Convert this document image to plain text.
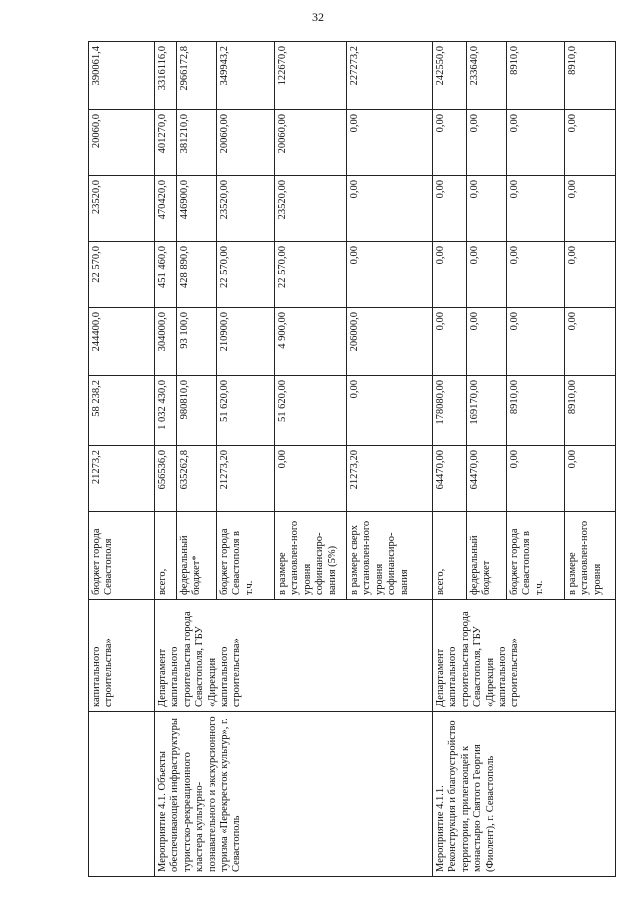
32
	капитального строительства»	бюджет города Севастополя	21273,2	58 238,2	244400,0	22 570,0	23520,0	20060,0	390061,4
Мероприятие 4.1. Объекты обеспечивающей инфраструктуры туристско-рекреационного кластера культурно-познавательного и экскурсионного туризма «Перекресток культур», г. Севастополь	Департамент капитального строительства города Севастополя, ГБУ «Дирекция капитального строительства»	всего,	656536,0	1 032 430,0	304000,0	451 460,0	470420,0	401270,0	3316116,0
		федеральный бюджет*	635262,8	980810,0	93 100,0	428 890,0	446900,0	381210,0	2966172,8
		бюджет города Севастополя в т.ч.	21273,20	51 620,00	210900,0	22 570,00	23520,00	20060,00	349943,2
		в размере установлен-ного уровня софинансиро-вания (5%)	0,00	51 620,00	4 900,00	22 570,00	23520,00	20060,00	122670,0
		в размере сверх установлен-ного уровня софинансиро-вания	21273,20	0,00	206000,0	0,00	0,00	0,00	227273,2
Мероприятие 4.1.1. Реконструкция и благоустройство территории, прилегающей к монастырю Святого Георгия (Фиолент), г. Севастополь	Департамент капитального строительства города Севастополя, ГБУ «Дирекция капитального строительства»	всего,	64470,00	178080,00	0,00	0,00	0,00	0,00	242550,0
		федеральный бюджет	64470,00	169170,00	0,00	0,00	0,00	0,00	233640,0
		бюджет города Севастополя в т.ч.	0,00	8910,00	0,00	0,00	0,00	0,00	8910,0
		в размере установлен-ного уровня	0,00	8910,00	0,00	0,00	0,00	0,00	8910,0
